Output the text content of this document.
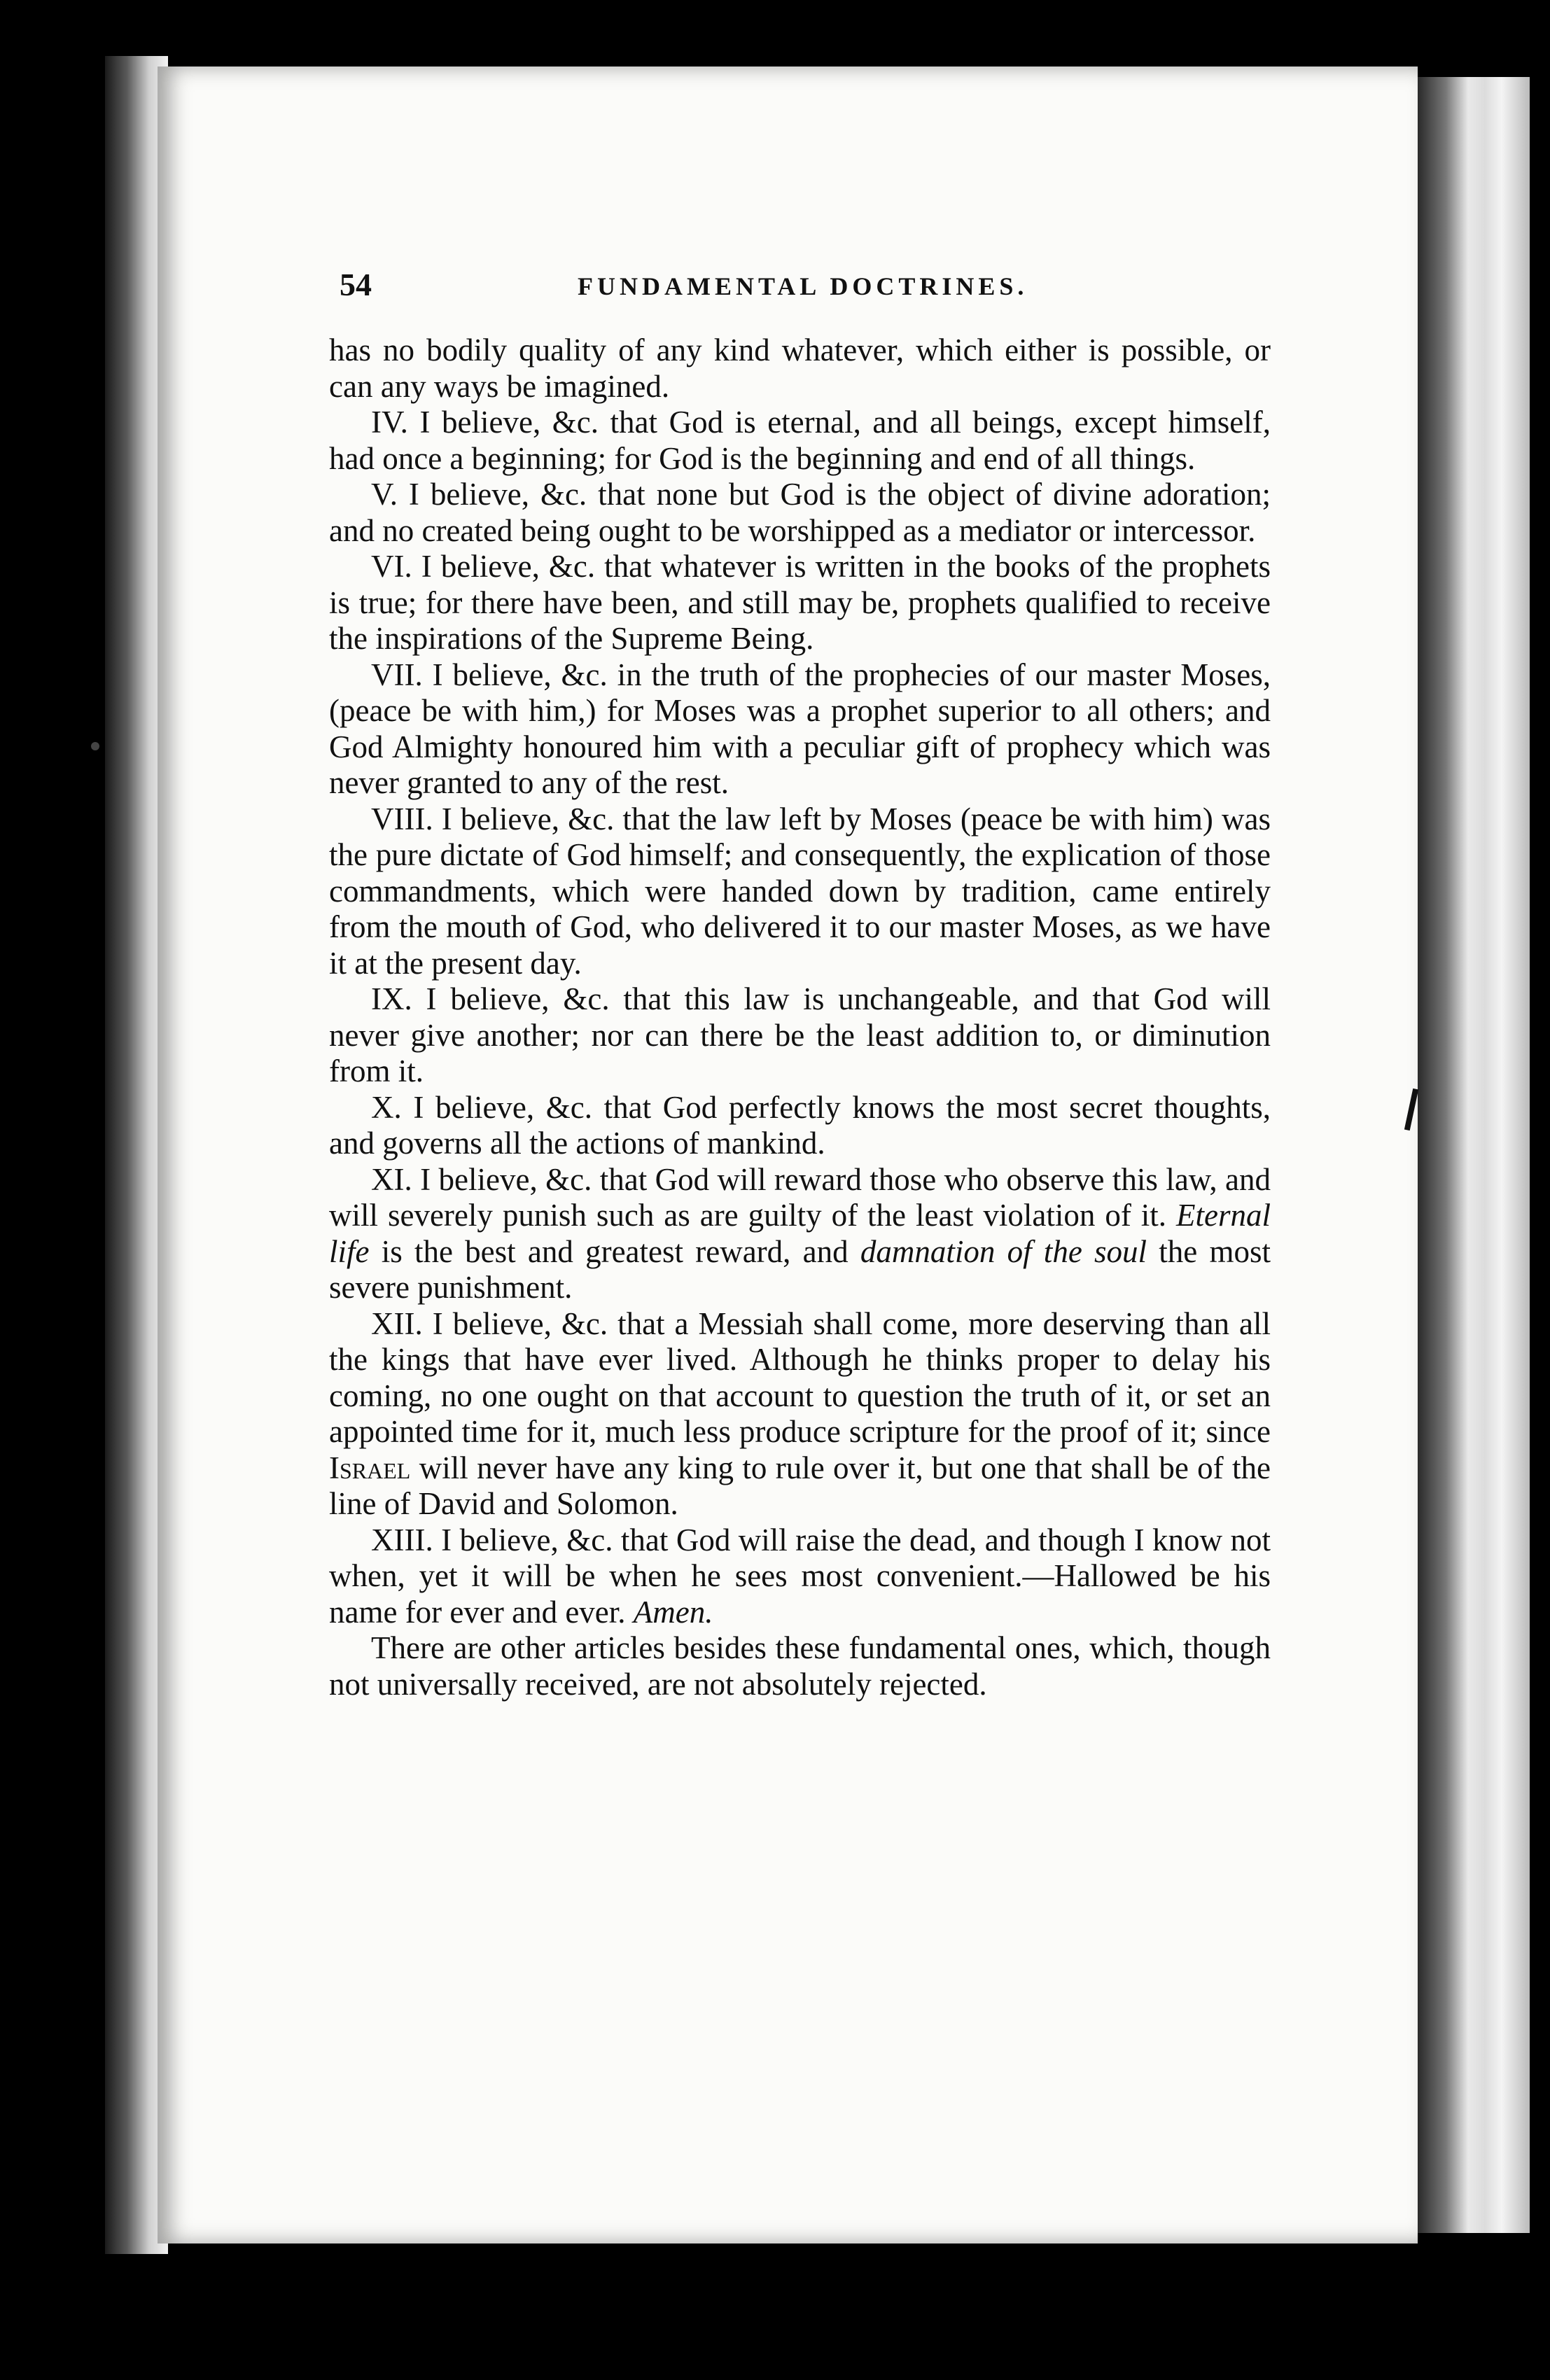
54	FUNDAMENTAL DOCTRINES.

has no bodily quality of any kind whatever, which either is possible, or can any ways be imagined.

IV. I believe, &c. that God is eternal, and all beings, except himself, had once a beginning; for God is the beginning and end of all things.

V. I believe, &c. that none but God is the object of divine adoration; and no created being ought to be worshipped as a mediator or intercessor.

VI. I believe, &c. that whatever is written in the books of the prophets is true; for there have been, and still may be, prophets qualified to receive the inspirations of the Supreme Being.

VII. I believe, &c. in the truth of the prophecies of our master Moses, (peace be with him,) for Moses was a prophet superior to all others; and God Almighty honoured him with a peculiar gift of prophecy which was never granted to any of the rest.

VIII. I believe, &c. that the law left by Moses (peace be with him) was the pure dictate of God himself; and consequently, the explication of those commandments, which were handed down by tradition, came entirely from the mouth of God, who delivered it to our master Moses, as we have it at the present day.

IX. I believe, &c. that this law is unchangeable, and that God will never give another; nor can there be the least addition to, or diminution from it.

X. I believe, &c. that God perfectly knows the most secret thoughts, and governs all the actions of mankind.

XI. I believe, &c. that God will reward those who observe this law, and will severely punish such as are guilty of the least violation of it. Eternal life is the best and greatest reward, and damnation of the soul the most severe punishment.

XII. I believe, &c. that a Messiah shall come, more deserving than all the kings that have ever lived. Although he thinks proper to delay his coming, no one ought on that account to question the truth of it, or set an appointed time for it, much less produce scripture for the proof of it; since Israel will never have any king to rule over it, but one that shall be of the line of David and Solomon.

XIII. I believe, &c. that God will raise the dead, and though I know not when, yet it will be when he sees most convenient.—Hallowed be his name for ever and ever. Amen.

There are other articles besides these fundamental ones, which, though not universally received, are not absolutely rejected.
